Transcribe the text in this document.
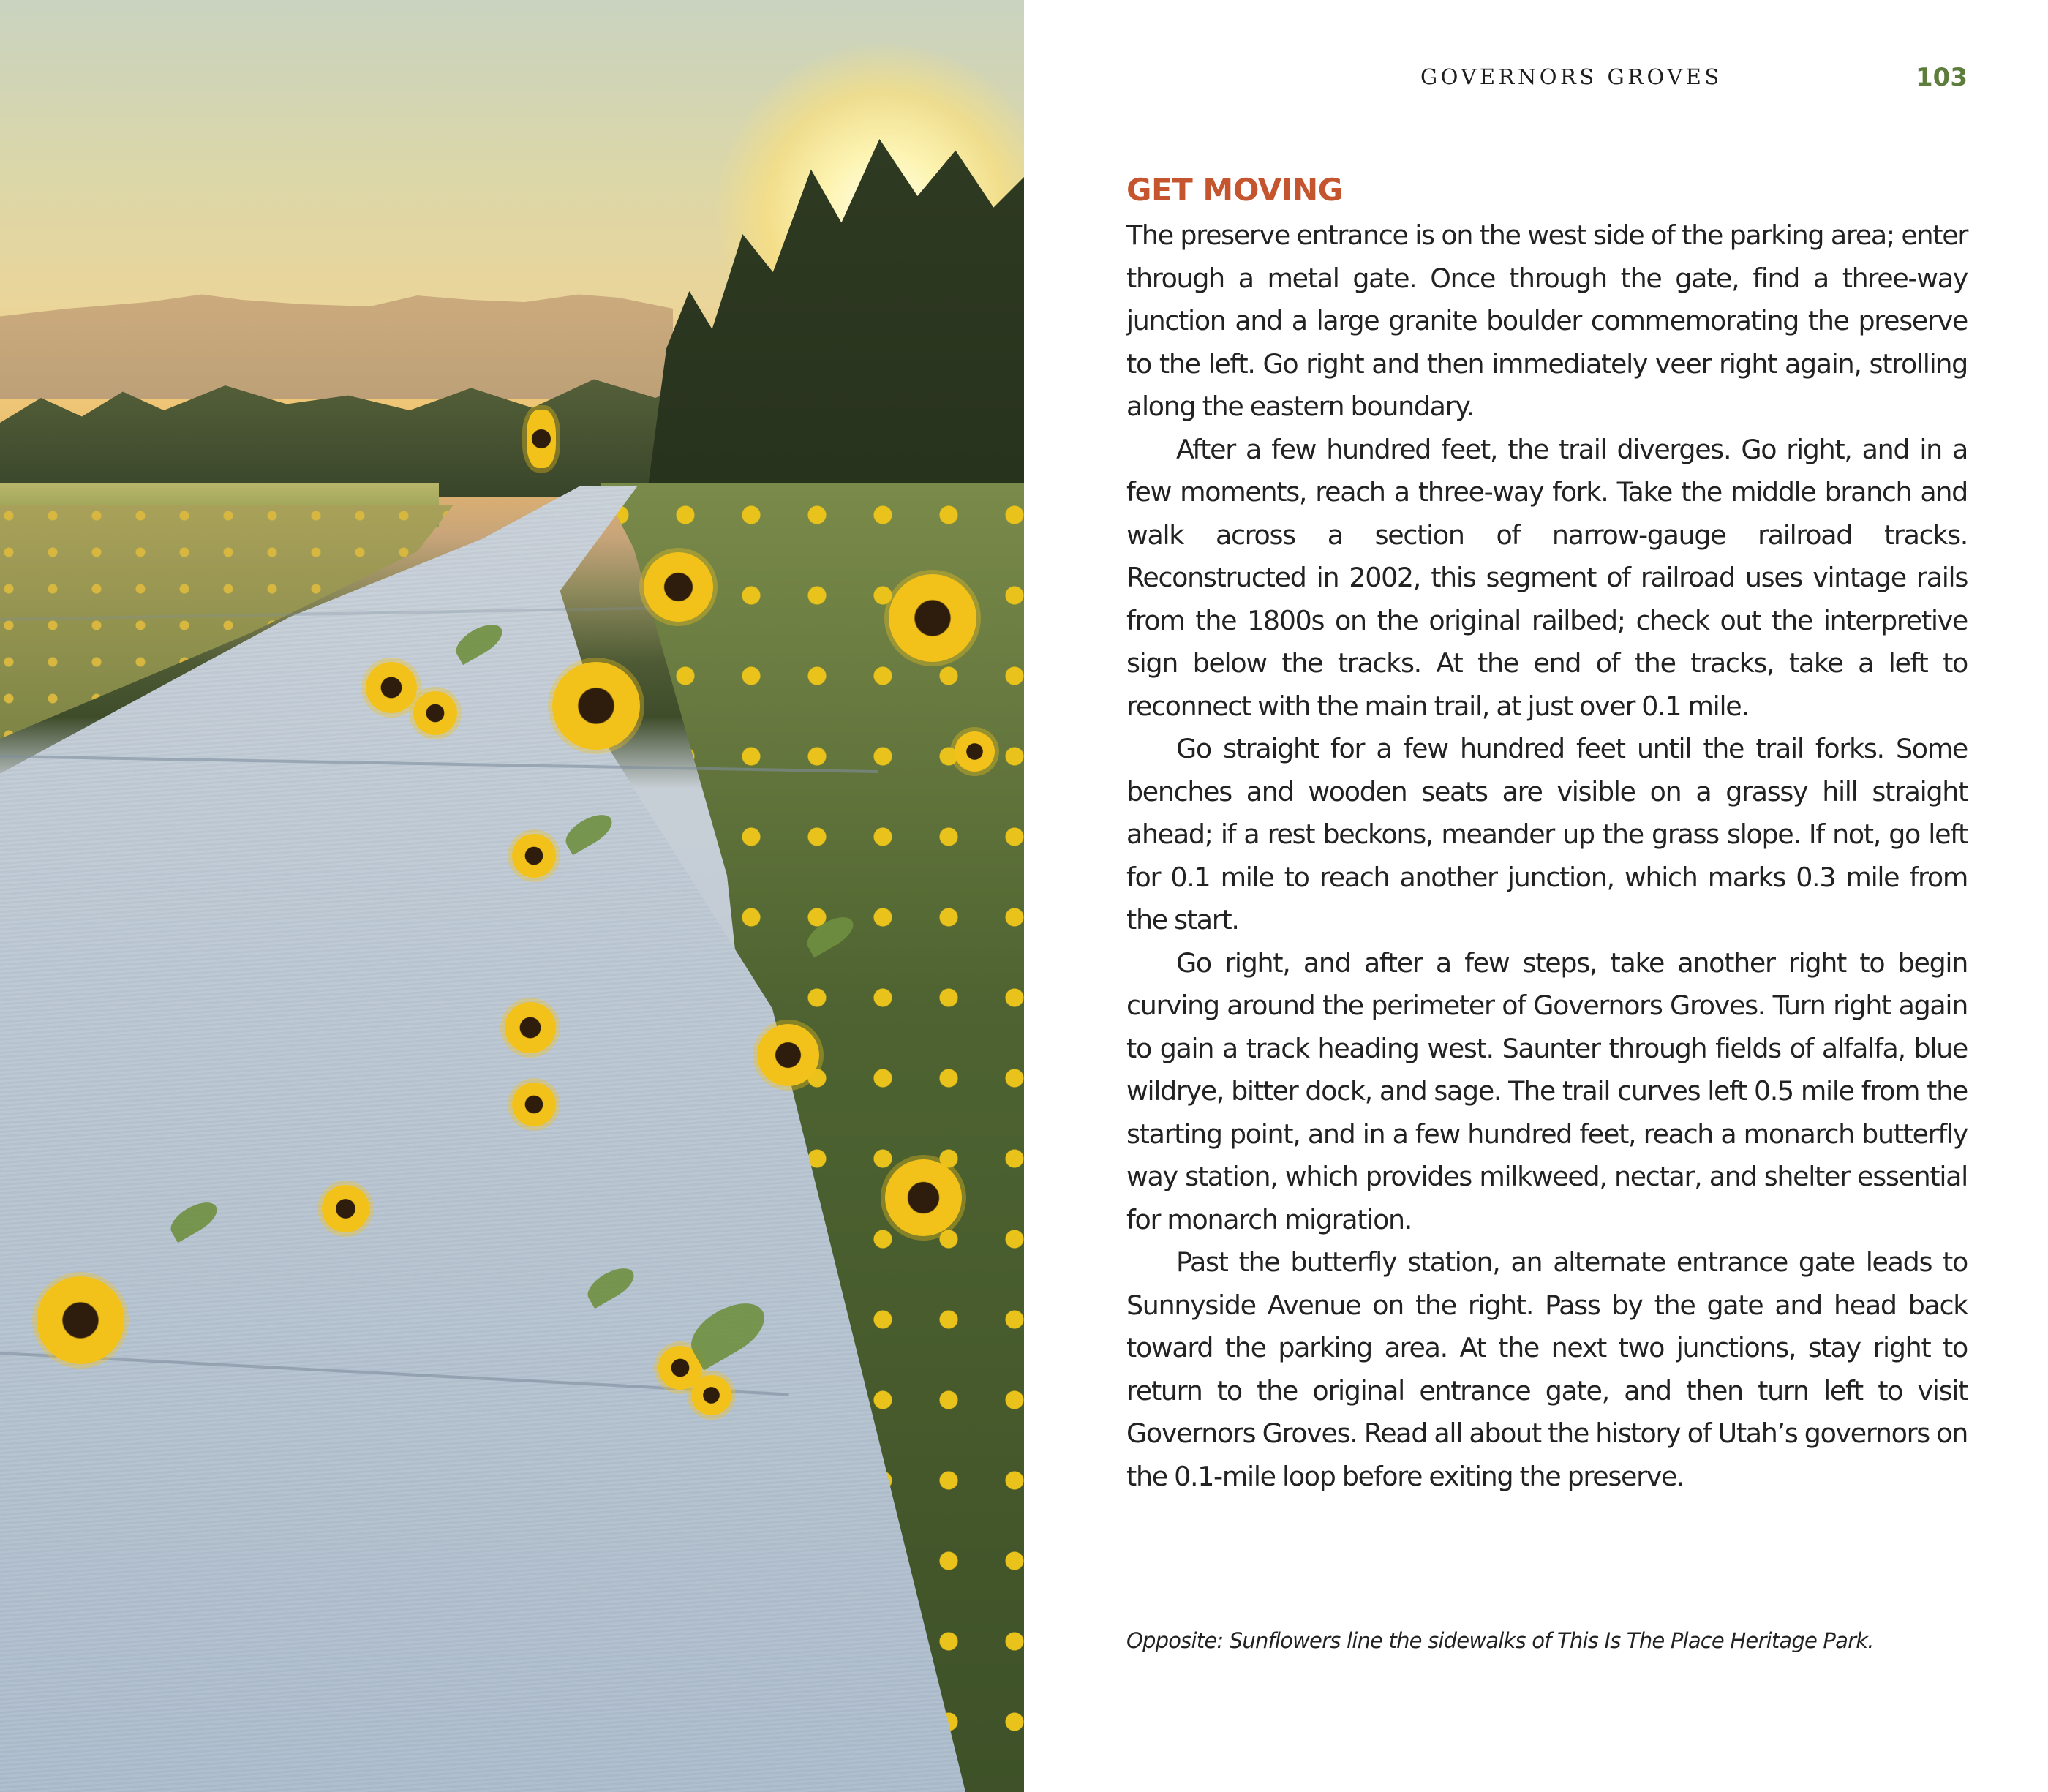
GOVERNORS GROVES	103
GET MOVING

The preserve entrance is on the west side of the parking area; enter through a metal gate. Once through the gate, find a three-way junction and a large granite boulder commemorating the preserve to the left. Go right and then immediately veer right again, strolling along the eastern boundary.

After a few hundred feet, the trail diverges. Go right, and in a few moments, reach a three-way fork. Take the middle branch and walk across a section of narrow-gauge railroad tracks. Reconstructed in 2002, this segment of railroad uses vintage rails from the 1800s on the original railbed; check out the interpretive sign below the tracks. At the end of the tracks, take a left to reconnect with the main trail, at just over 0.1 mile.

Go straight for a few hundred feet until the trail forks. Some benches and wooden seats are visible on a grassy hill straight ahead; if a rest beckons, meander up the grass slope. If not, go left for 0.1 mile to reach another junction, which marks 0.3 mile from the start.

Go right, and after a few steps, take another right to begin curving around the perimeter of Governors Groves. Turn right again to gain a track heading west. Saunter through fields of alfalfa, blue wildrye, bitter dock, and sage. The trail curves left 0.5 mile from the starting point, and in a few hundred feet, reach a monarch butterfly way station, which provides milkweed, nectar, and shelter essential for monarch migration.

Past the butterfly station, an alternate entrance gate leads to Sunnyside Avenue on the right. Pass by the gate and head back toward the parking area. At the next two junctions, stay right to return to the original entrance gate, and then turn left to visit Governors Groves. Read all about the history of Utah’s governors on the 0.1-mile loop before exiting the preserve.

Opposite: Sunflowers line the sidewalks of This Is The Place Heritage Park.
